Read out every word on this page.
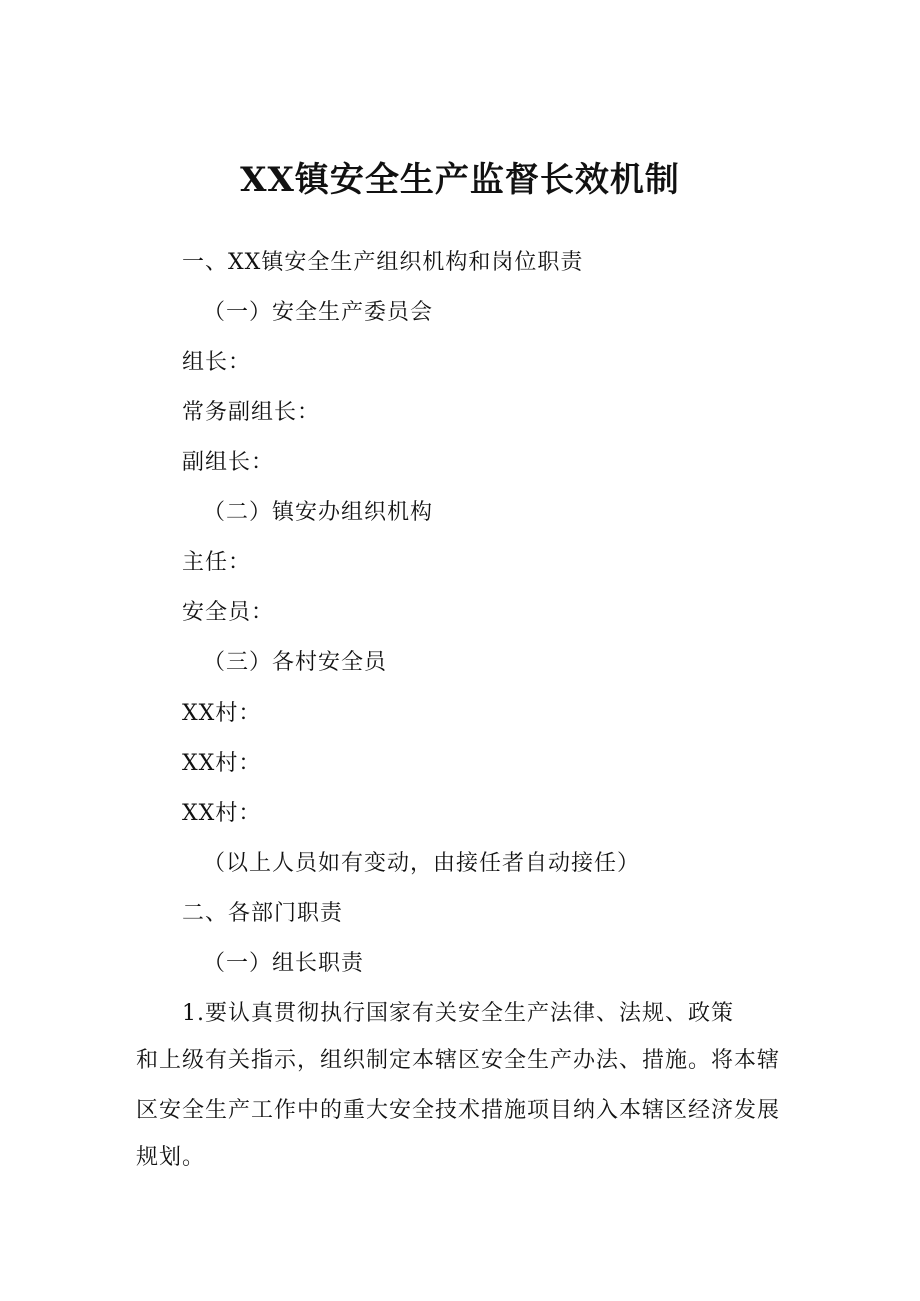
XX镇安全生产监督长效机制
一、XX镇安全生产组织机构和岗位职责
（一）安全生产委员会
组长：
常务副组长：
副组长：
（二）镇安办组织机构
主任：
安全员：
（三）各村安全员
XX村：
XX村：
XX村：
（以上人员如有变动，由接任者自动接任）
二、各部门职责
（一）组长职责
1.要认真贯彻执行国家有关安全生产法律、法规、政策
和上级有关指示，组织制定本辖区安全生产办法、措施。将本辖
区安全生产工作中的重大安全技术措施项目纳入本辖区经济发展
规划。
